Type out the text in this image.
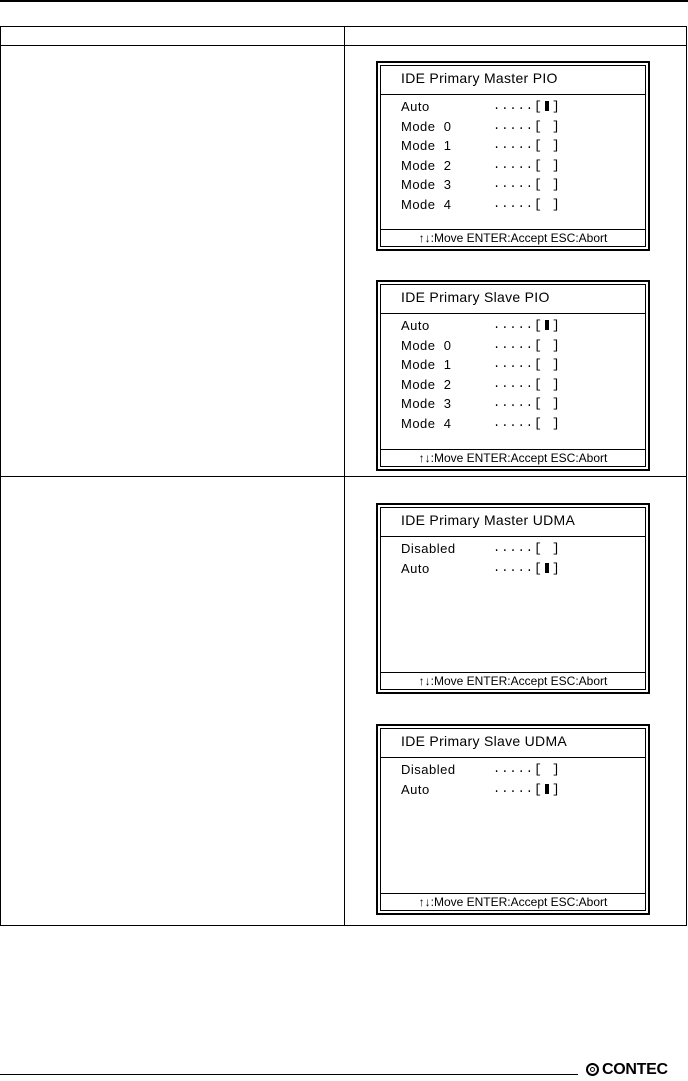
IDE Primary Master PIO
Auto	..... [ ]
Mode  0	..... [ ]
Mode  1	..... [ ]
Mode  2	..... [ ]
Mode  3	..... [ ]
Mode  4	..... [ ]
↑↓:Move ENTER:Accept ESC:Abort
IDE Primary Slave PIO
Auto	..... [ ]
Mode  0	..... [ ]
Mode  1	..... [ ]
Mode  2	..... [ ]
Mode  3	..... [ ]
Mode  4	..... [ ]
↑↓:Move ENTER:Accept ESC:Abort
IDE Primary Master UDMA
Disabled	..... [ ]
Auto	..... [ ]
↑↓:Move ENTER:Accept ESC:Abort
IDE Primary Slave UDMA
Disabled	..... [ ]
Auto	..... [ ]
↑↓:Move ENTER:Accept ESC:Abort
CONTEC
